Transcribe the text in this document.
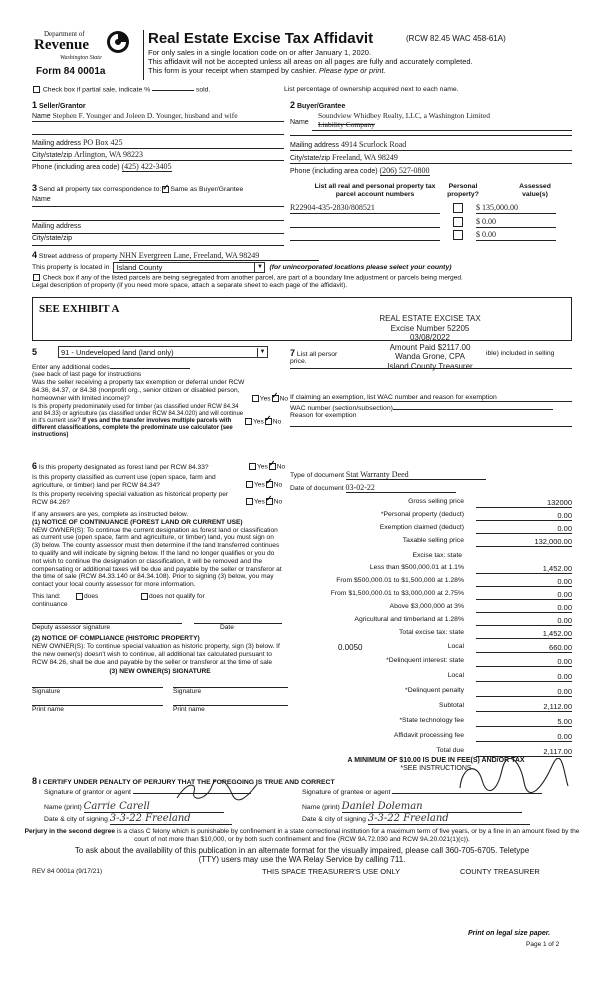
Department of
Revenue
Washington State
Form 84 0001a
Real Estate Excise Tax Affidavit	(RCW 82.45 WAC 458-61A)
For only sales in a single location code on or after January 1, 2020.
This affidavit will not be accepted unless all areas on all pages are fully and accurately completed.
This form is your receipt when stamped by cashier. Please type or print.
Check box if partial sale, indicate %	sold.	List percentage of ownership acquired next to each name.
1 Seller/Grantor
Name Stephen F. Younger and Joleen D. Younger, husband and wife
Mailing address PO Box 425
City/state/zip Arlington, WA 98223
Phone (including area code) (425) 422-3405
2 Buyer/Grantee
Name
Soundview Whidbey Realty, LLC, a Washington Limited
Liability Company
Mailing address 4914 Scurlock Road
City/state/zip Freeland, WA 98249
Phone (including area code) (206) 527-0800
3 Send all property tax correspondence to: ✓ Same as Buyer/Grantee
Name
Mailing address
City/state/zip
List all real and personal property tax
parcel account numbers
Personal
property?
Assessed
value(s)
R22904-435-2830/808521	$ 135,000.00
$ 0.00
$ 0.00
4 Street address of property NHN Evergreen Lane, Freeland, WA 98249
This property is located in Island County	▼ (for unincorporated locations please select your county)
Check box if any of the listed parcels are being segregated from another parcel, are part of a boundary line adjustment or parcels being merged.
Legal description of property (if you need more space, attach a separate sheet to each page of the affidavit).
SEE EXHIBIT A
REAL ESTATE EXCISE TAX
Excise Number 52205
03/08/2022
Amount Paid $2117.00
Wanda Grone, CPA
Island County Treasurer
5	91 - Undeveloped land (land only)	▼
Enter any additional codes
(see back of last page for instructions
Was the seller receiving a property tax exemption or deferral under RCW 84.36, 84.37, or 84.38 (nonprofit org., senior citizen or disabled person, homeowner with limited income)?	Yes ✓ No
Is this property predominately used for timber (as classified under RCW 84.34 and 84.33) or agriculture (as classified under RCW 84.34.020) and will continue in it's current use? If yes and the transfer involves multiple parcels with different classifications, complete the predominate use calculator (see instructions)
Yes ✓ No
7 List all persor	ible) included in selling
price.
If claiming an exemption, list WAC number and reason for exemption
WAC number (section/subsection)
Reason for exemption
6 Is this property designated as forest land per RCW 84.33?	Yes ✓ No
Is this property classified as current use (open space, farm and agriculture, or timber) land per RCW 84.34?	Yes ✓ No
Is this property receiving special valuation as historical property per RCW 84.26?	Yes ✓ No
If any answers are yes, complete as instructed below.
(1) NOTICE OF CONTINUANCE (FOREST LAND OR CURRENT USE)
NEW OWNER(S): To continue the current designation as forest land or classification as current use (open space, farm and agriculture, or timber) land, you must sign on (3) below. The county assessor must then determine if the land transferred continues to qualify and will indicate by signing below. If the land no longer qualifies or you do not wish to continue the designation or classification, it will be removed and the compensating or additional taxes will be due and payable by the seller or transferor at the time of sale (RCW 84.33.140 or 84.34.108). Prior to signing (3) below, you may contact your local county assessor for more information.
This land:	does	does not qualify for
continuance
Deputy assessor signature	Date
(2) NOTICE OF COMPLIANCE (HISTORIC PROPERTY)
NEW OWNER(S): To continue special valuation as historic property, sign (3) below. If the new owner(s) doesn't wish to continue, all additional tax calculated pursuant to RCW 84.26, shall be due and payable by the seller or transferor at the time of sale
(3) NEW OWNER(S) SIGNATURE
Signature	Signature
Print name	Print name
Type of document Stat Warranty Deed
Date of document 03-02-22
Gross selling price	132000
*Personal property (deduct)	0.00
Exemption claimed (deduct)	0.00
Taxable selling price	132,000.00
Excise tax: state
Less than $500,000.01 at 1.1%	1,452.00
From $500,000.01 to $1,500,000 at 1.28%	0.00
From $1,500,000.01 to $3,000,000 at 2.75%	0.00
Above $3,000,000 at 3%	0.00
Agricultural and timberland at 1.28%	0.00
Total excise tax: state	1,452.00
0.0050	Local	660.00
*Delinquent interest: state	0.00
Local	0.00
*Delinquent penalty	0.00
Subtotal	2,112.00
*State technology fee	5.00
Affidavit processing fee	0.00
Total due	2,117.00
A MINIMUM OF $10.00 IS DUE IN FEE(S) AND/OR TAX
*SEE INSTRUCTIONS
8 I CERTIFY UNDER PENALTY OF PERJURY THAT THE FOREGOING IS TRUE AND CORRECT
Signature of grantor or agent
Name (print) Carrie Carell
Date & city of signing 3-3-22 Freeland
Signature of grantee or agent
Name (print) Daniel Doleman
Date & city of signing 3-3-22 Freeland
Perjury in the second degree is a class C felony which is punishable by confinement in a state correctional institution for a maximum term of five years, or by a fine in an amount fixed by the court of not more than $10,000, or by both such confinement and fine (RCW 9A.72.030 and RCW 9A.20.021(1)(c)).
To ask about the availability of this publication in an alternate format for the visually impaired, please call 360-705-6705. Teletype
(TTY) users may use the WA Relay Service by calling 711.
REV 84 0001a (9/17/21)	THIS SPACE TREASURER'S USE ONLY	COUNTY TREASURER
Print on legal size paper.
Page 1 of 2
